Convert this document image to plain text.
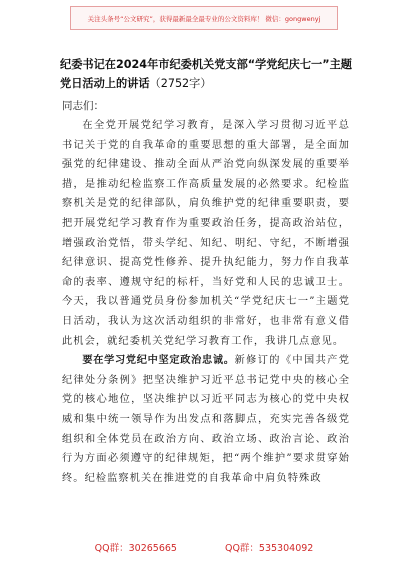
关注头条号“公文研究”，获得最新最全最专业的公文资料库！ 微信：gongwenyj
纪委书记在2024年市纪委机关党支部“学党纪庆七一”主题党日活动上的讲话（2752字）
同志们：

在全党开展党纪学习教育，是深入学习贯彻习近平总书记关于党的自我革命的重要思想的重大部署，是全面加强党的纪律建设、推动全面从严治党向纵深发展的重要举措，是推动纪检监察工作高质量发展的必然要求。纪检监察机关是党的纪律部队，肩负维护党的纪律重要职责，要把开展党纪学习教育作为重要政治任务，提高政治站位，增强政治党悟，带头学纪、知纪、明纪、守纪，不断增强纪律意识、提高党性修养、提升执纪能力，努力作自我革命的表率、遵规守纪的标杆，当好党和人民的忠诚卫士。今天，我以普通党员身份参加机关“学党纪庆七一”主题党日活动，我认为这次活动组织的非常好，也非常有意义借此机会，就纪委机关党纪学习教育工作，我讲几点意见。

要在学习党纪中坚定政治忠诚。新修订的《中国共产党纪律处分条例》把坚决维护习近平总书记党中央的核心全党的核心地位，坚决维护以习近平同志为核心的党中央权威和集中统一领导作为出发点和落脚点，充实完善各级党组织和全体党员在政治方向、政治立场、政治言论、政治行为方面必须遵守的纪律规矩，把“两个维护”要求贯穿始终。纪检监察机关在推进党的自我革命中肩负特殊政

QQ群：30265665	QQ群：535304092
